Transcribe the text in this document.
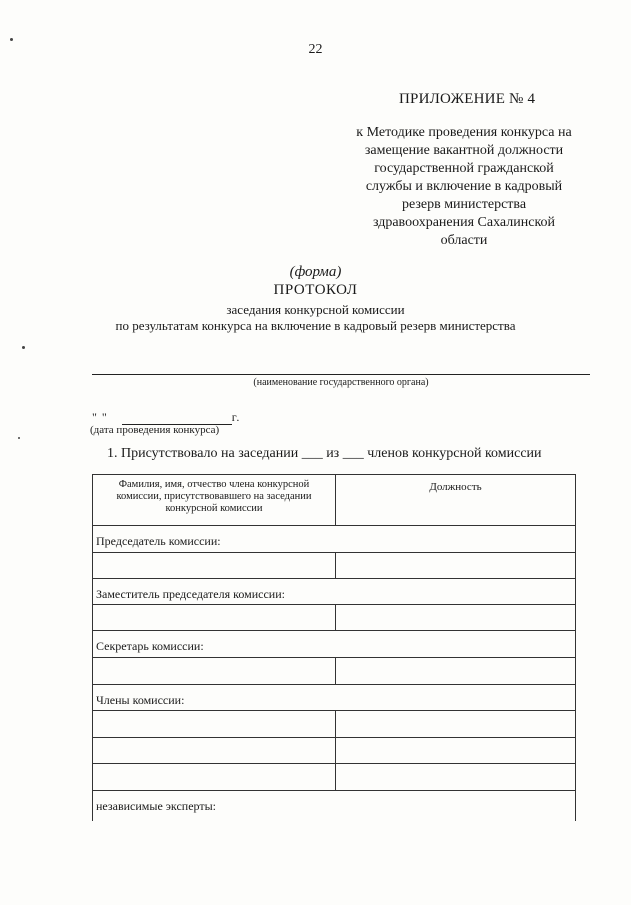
22
ПРИЛОЖЕНИЕ № 4
к Методике проведения конкурса на
замещение вакантной должности
государственной гражданской
службы и включение в кадровый
резерв министерства
здравоохранения Сахалинской
области
(форма)
ПРОТОКОЛ
заседания конкурсной комиссии
по результатам конкурса на включение в кадровый резерв министерства
(наименование государственного органа)
" "	г.
(дата проведения конкурса)
1. Присутствовало на заседании ___ из ___ членов конкурсной комиссии
Фамилия, имя, отчество члена конкурсной
комиссии, присутствовавшего на заседании
конкурсной комиссии	Должность
Председатель комиссии:	

Заместитель председателя комиссии:	

Секретарь комиссии:	

Члены комиссии:	

независимые эксперты:	
